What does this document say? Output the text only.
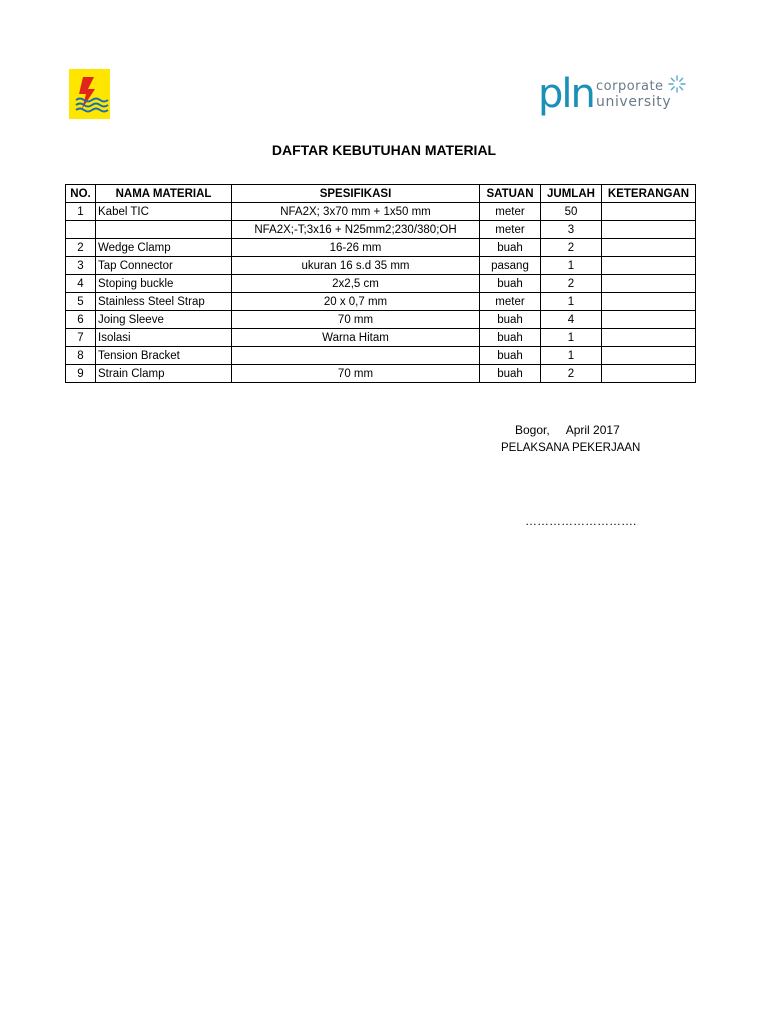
pln corporate
university
DAFTAR KEBUTUHAN MATERIAL
NO.	NAMA MATERIAL	SPESIFIKASI	SATUAN	JUMLAH	KETERANGAN
1	Kabel TIC	NFA2X; 3x70 mm + 1x50 mm	meter	50	
		NFA2X;-T;3x16 + N25mm2;230/380;OH	meter	3	
2	Wedge Clamp	16-26 mm	buah	2	
3	Tap Connector	ukuran 16 s.d 35 mm	pasang	1	
4	Stoping buckle	2x2,5 cm	buah	2	
5	Stainless Steel Strap	20 x 0,7 mm	meter	1	
6	Joing Sleeve	70 mm	buah	4	
7	Isolasi	Warna Hitam	buah	1	
8	Tension Bracket		buah	1	
9	Strain Clamp	70 mm	buah	2	
Bogor, April 2017
PELAKSANA PEKERJAAN
……………………….
